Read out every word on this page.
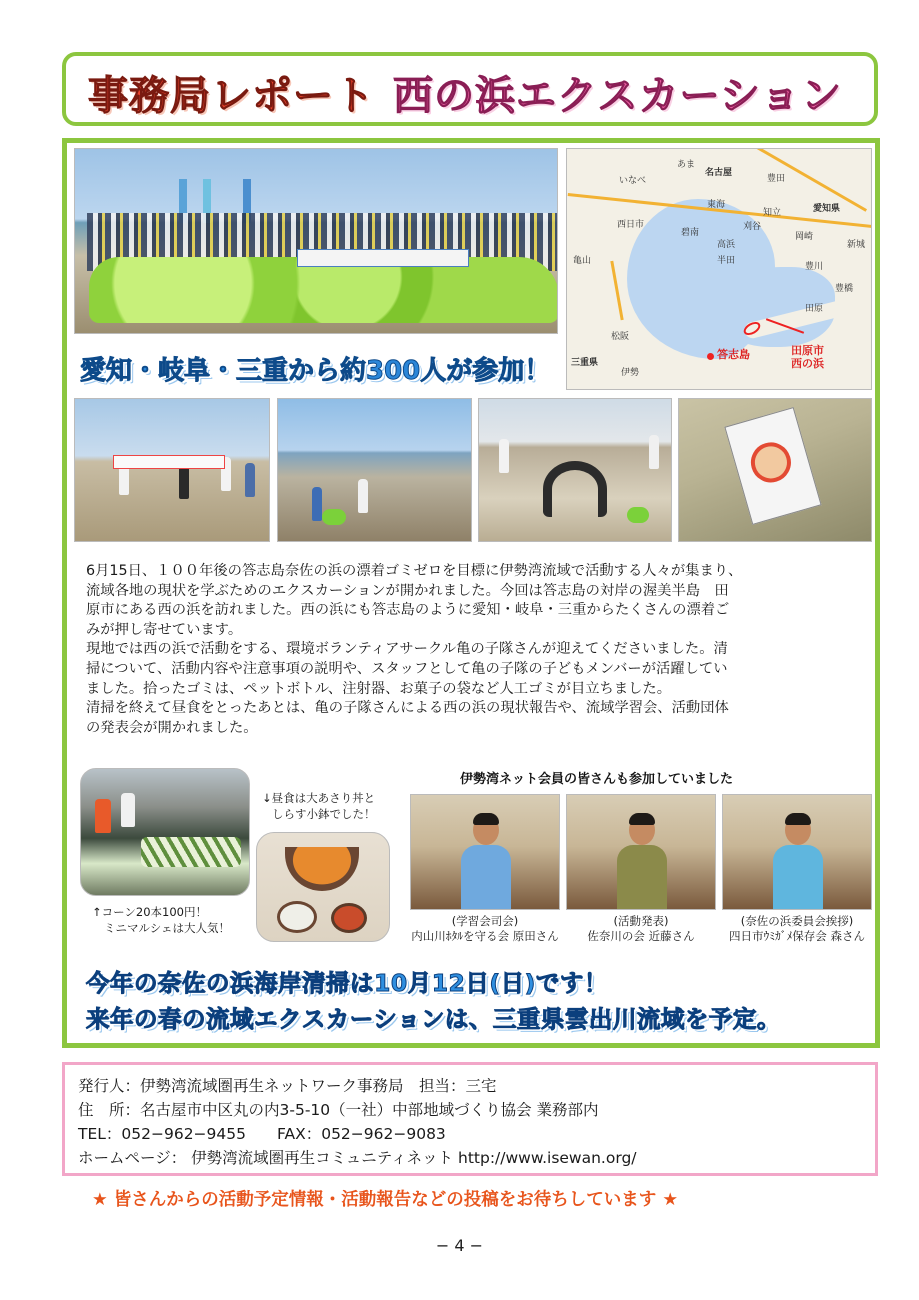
事務局レポート 西の浜エクスカーション
あま
名古屋
いなべ
東海
西日市
知立
刈谷
岡崎
愛知県
高浜
豊田
半田
亀山
三重県
松阪
伊勢
豊川
豊橋
田原
新城
碧南
答志島	田原市
西の浜
愛知・岐阜・三重から約300人が参加！
6月15日、１００年後の答志島奈佐の浜の漂着ゴミゼロを目標に伊勢湾流域で活動する人々が集まり、
流域各地の現状を学ぶためのエクスカーションが開かれました。今回は答志島の対岸の渥美半島　田
原市にある西の浜を訪れました。西の浜にも答志島のように愛知・岐阜・三重からたくさんの漂着ご
みが押し寄せています。
現地では西の浜で活動をする、環境ボランティアサークル亀の子隊さんが迎えてくださいました。清
掃について、活動内容や注意事項の説明や、スタッフとして亀の子隊の子どもメンバーが活躍してい
ました。拾ったゴミは、ペットボトル、注射器、お菓子の袋など人工ゴミが目立ちました。
清掃を終えて昼食をとったあとは、亀の子隊さんによる西の浜の現状報告や、流域学習会、活動団体
の発表会が開かれました。
↑コーン20本100円！
ミニマルシェは大人気！
↓昼食は大あさり丼と
しらす小鉢でした！
伊勢湾ネット会員の皆さんも参加していました
(学習会司会)
内山川ﾎﾀﾙを守る会 原田さん
(活動発表)
佐奈川の会 近藤さん
(奈佐の浜委員会挨拶)
四日市ｳﾐｶﾞﾒ保存会 森さん
今年の奈佐の浜海岸清掃は10月12日(日)です！
来年の春の流域エクスカーションは、三重県雲出川流域を予定。
発行人：伊勢湾流域圏再生ネットワーク事務局　担当：三宅
住　所：名古屋市中区丸の内3-5-10（一社）中部地域づくり協会 業務部内
TEL：052−962−9455　　FAX：052−962−9083
ホームページ： 伊勢湾流域圏再生コミュニティネット http://www.isewan.org/
★ 皆さんからの活動予定情報・活動報告などの投稿をお待ちしています ★
− 4 −
